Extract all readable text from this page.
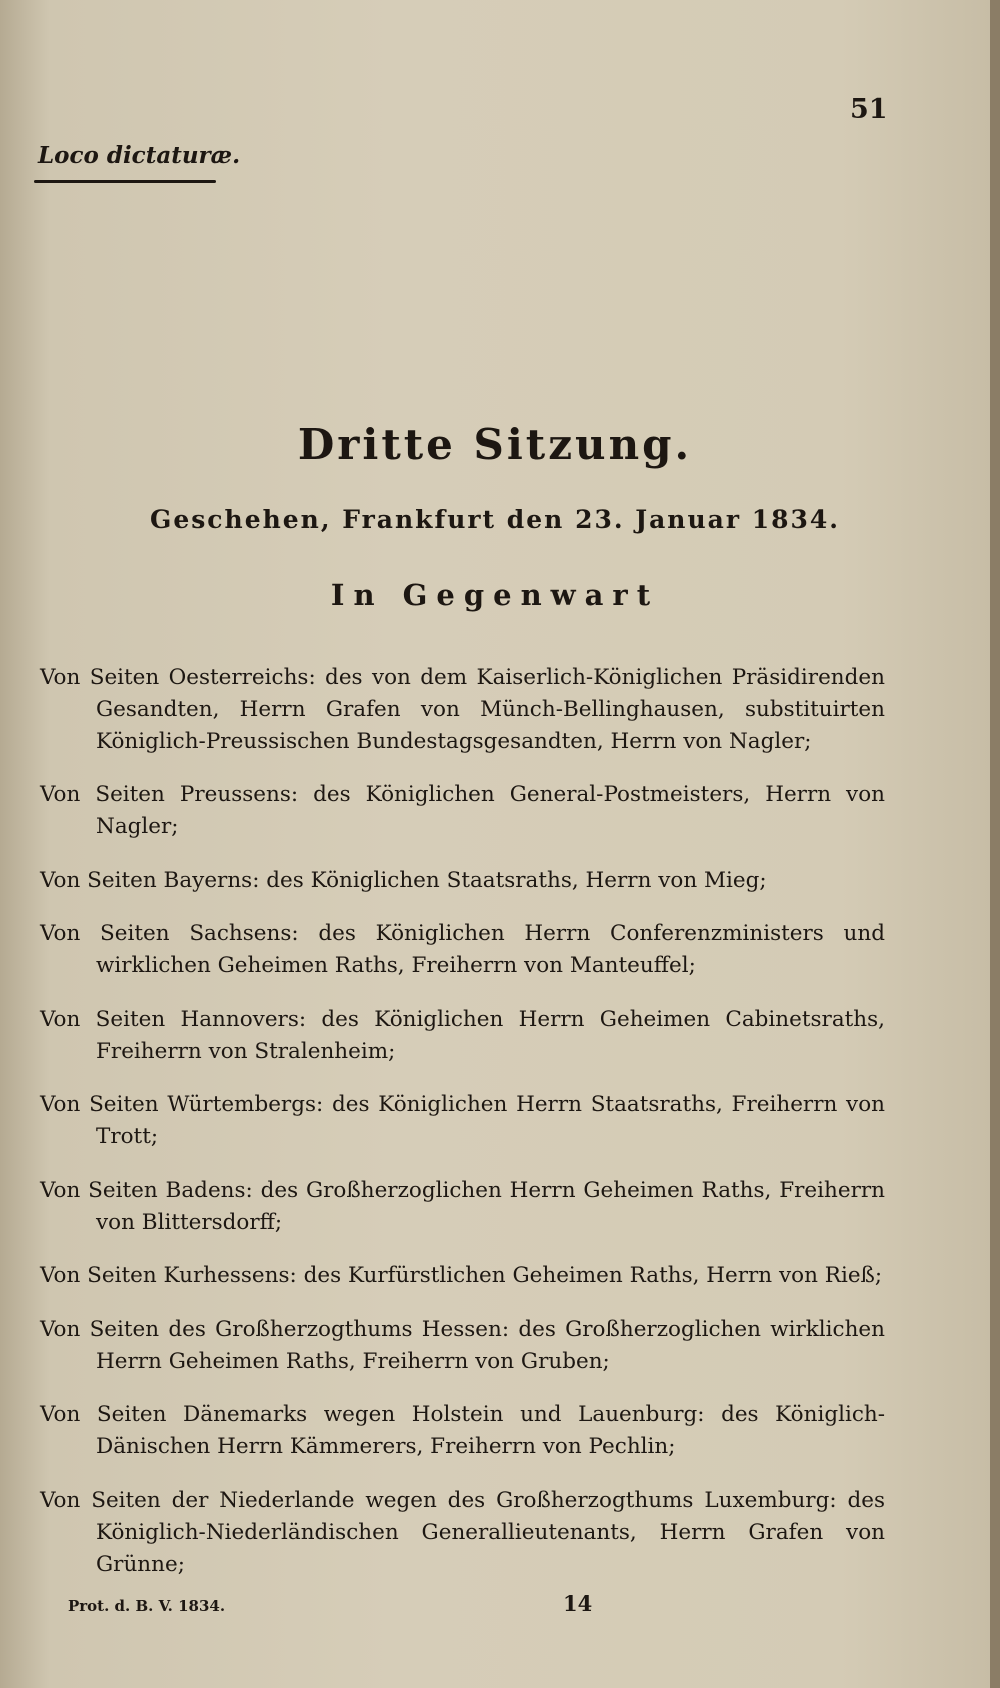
51
Loco dictaturæ.
Dritte Sitzung.
Geschehen, Frankfurt den 23. Januar 1834.
In Gegenwart

Von Seiten Oesterreichs: des von dem Kaiserlich-Königlichen Präsidirenden Gesandten, Herrn Grafen von Münch-Bellinghausen, substituirten Königlich-Preussischen Bundestagsgesandten, Herrn von Nagler;

Von Seiten Preussens: des Königlichen General-Postmeisters, Herrn von Nagler;

Von Seiten Bayerns: des Königlichen Staatsraths, Herrn von Mieg;

Von Seiten Sachsens: des Königlichen Herrn Conferenzministers und wirklichen Geheimen Raths, Freiherrn von Manteuffel;

Von Seiten Hannovers: des Königlichen Herrn Geheimen Cabinetsraths, Freiherrn von Stralenheim;

Von Seiten Würtembergs: des Königlichen Herrn Staatsraths, Freiherrn von Trott;

Von Seiten Badens: des Großherzoglichen Herrn Geheimen Raths, Freiherrn von Blittersdorff;

Von Seiten Kurhessens: des Kurfürstlichen Geheimen Raths, Herrn von Rieß;

Von Seiten des Großherzogthums Hessen: des Großherzoglichen wirklichen Herrn Geheimen Raths, Freiherrn von Gruben;

Von Seiten Dänemarks wegen Holstein und Lauenburg: des Königlich-Dänischen Herrn Kämmerers, Freiherrn von Pechlin;

Von Seiten der Niederlande wegen des Großherzogthums Luxemburg: des Königlich-Niederländischen Generallieutenants, Herrn Grafen von Grünne;

Prot. d. B. V. 1834.	14
